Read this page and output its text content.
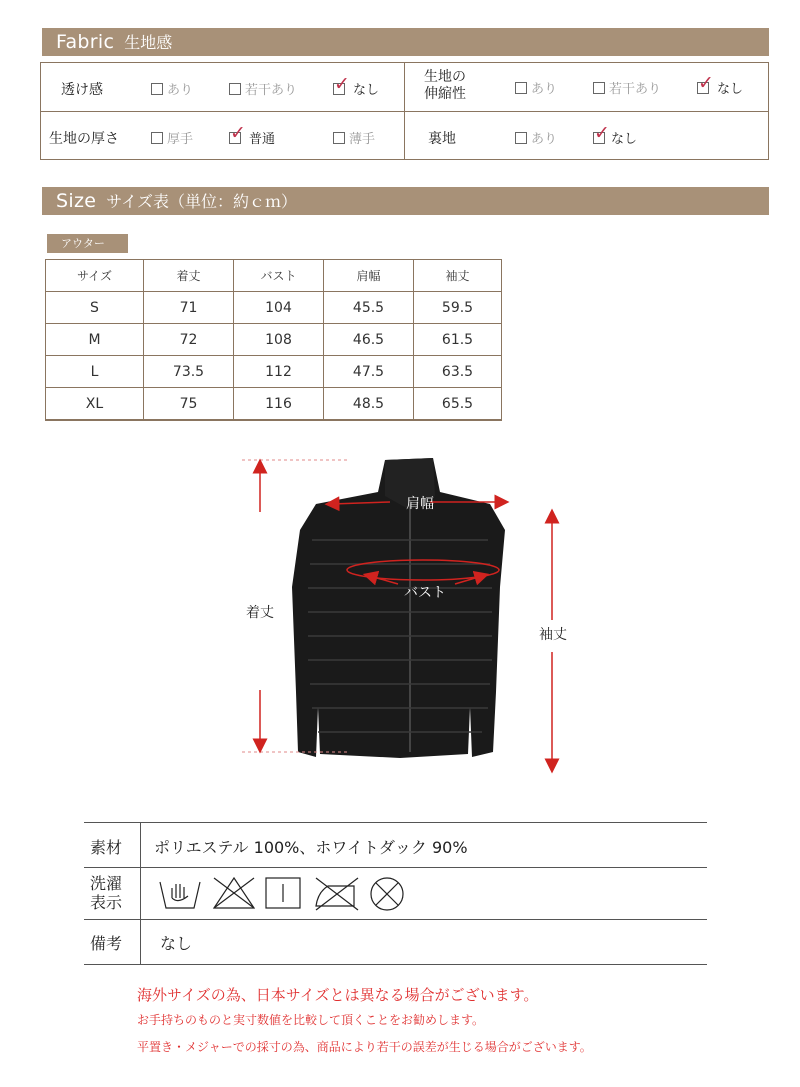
Fabric 生地感
透け感	あり	若干あり ✓ なし
生地の
伸縮性	あり	若干あり ✓ なし
生地の厚さ	厚手 ✓ 普通	薄手	裏地	あり ✓ なし
Size サイズ表（単位：約ｃｍ）
アウター
サイズ	着丈	バスト	肩幅	袖丈
S	71	104	45.5	59.5
M	72	108	46.5	61.5
L	73.5	112	47.5	63.5
XL	75	116	48.5	65.5
着丈
肩幅
バスト
袖丈
素材 ポリエステル 100%、ホワイトダック 90%
洗濯
表示
備考 なし
海外サイズの為、日本サイズとは異なる場合がございます。
お手持ちのものと実寸数値を比較して頂くことをお勧めします。
平置き・メジャーでの採寸の為、商品により若干の誤差が生じる場合がございます。
